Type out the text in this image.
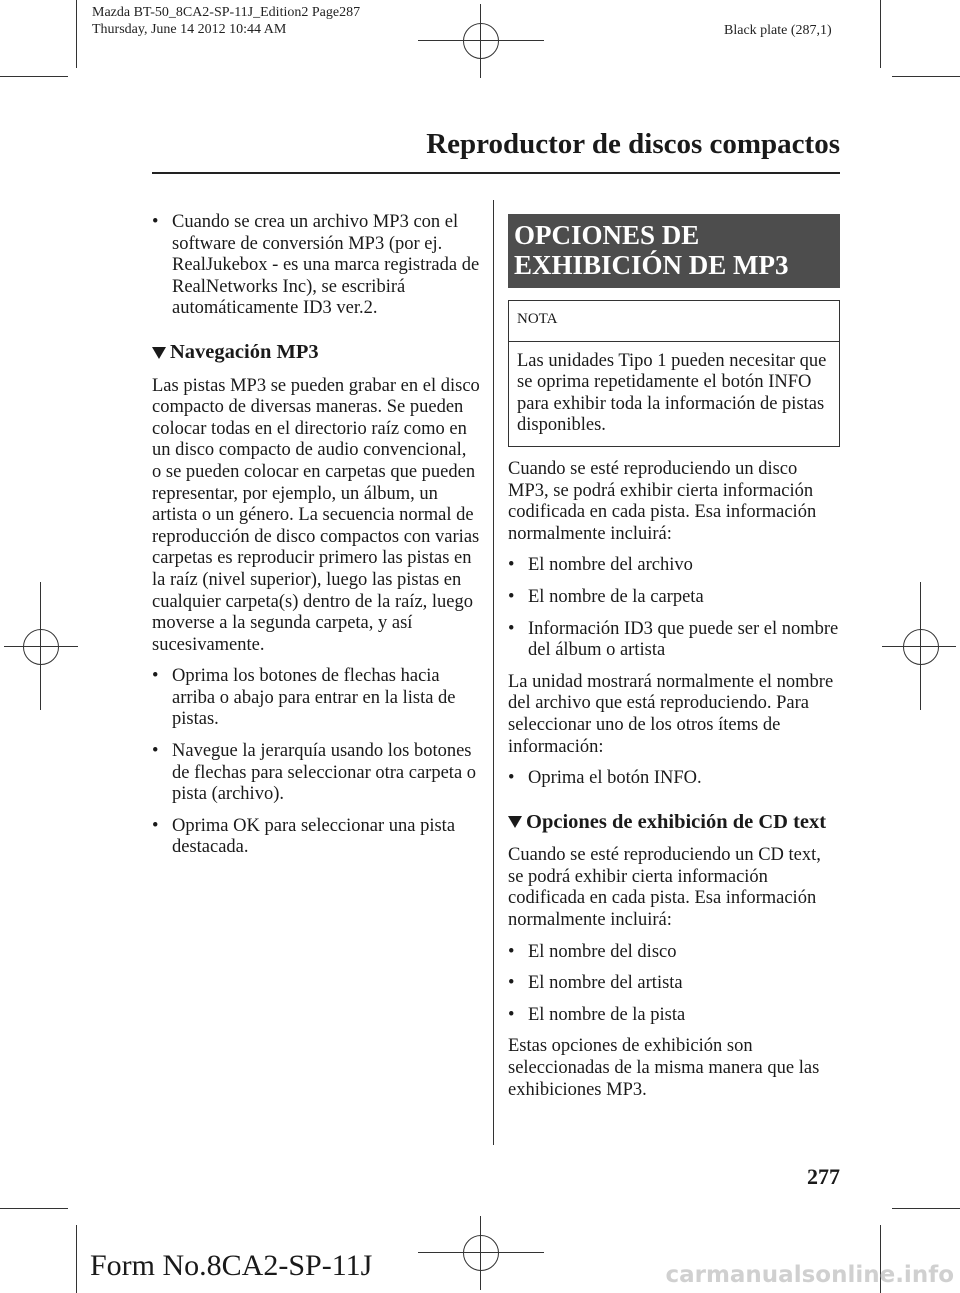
Mazda BT-50_8CA2-SP-11J_Edition2 Page287
Thursday, June 14 2012 10:44 AM	Black plate (287,1)
Reproductor de discos compactos
• Cuando se crea un archivo MP3 con el software de conversión MP3 (por ej. RealJukebox - es una marca registrada de RealNetworks Inc), se escribirá automáticamente ID3 ver.2.
Navegación MP3

Las pistas MP3 se pueden grabar en el disco compacto de diversas maneras. Se pueden colocar todas en el directorio raíz como en un disco compacto de audio convencional, o se pueden colocar en carpetas que pueden representar, por ejemplo, un álbum, un artista o un género. La secuencia normal de reproducción de disco compactos con varias carpetas es reproducir primero las pistas en la raíz (nivel superior), luego las pistas en cualquier carpeta(s) dentro de la raíz, luego moverse a la segunda carpeta, y así sucesivamente.

• Oprima los botones de flechas hacia arriba o abajo para entrar en la lista de pistas.
• Navegue la jerarquía usando los botones de flechas para seleccionar otra carpeta o pista (archivo).
• Oprima OK para seleccionar una pista destacada.
OPCIONES DE
EXHIBICIÓN DE MP3
NOTA
Las unidades Tipo 1 pueden necesitar que se oprima repetidamente el botón INFO para exhibir toda la información de pistas disponibles.

Cuando se esté reproduciendo un disco MP3, se podrá exhibir cierta información codificada en cada pista. Esa información normalmente incluirá:

• El nombre del archivo
• El nombre de la carpeta
• Información ID3 que puede ser el nombre del álbum o artista

La unidad mostrará normalmente el nombre del archivo que está reproduciendo. Para seleccionar uno de los otros ítems de información:

• Oprima el botón INFO.
Opciones de exhibición de CD text

Cuando se esté reproduciendo un CD text, se podrá exhibir cierta información codificada en cada pista. Esa información normalmente incluirá:

• El nombre del disco
• El nombre del artista
• El nombre de la pista

Estas opciones de exhibición son seleccionadas de la misma manera que las exhibiciones MP3.

277
Form No.8CA2-SP-11J	carmanualsonline.info
